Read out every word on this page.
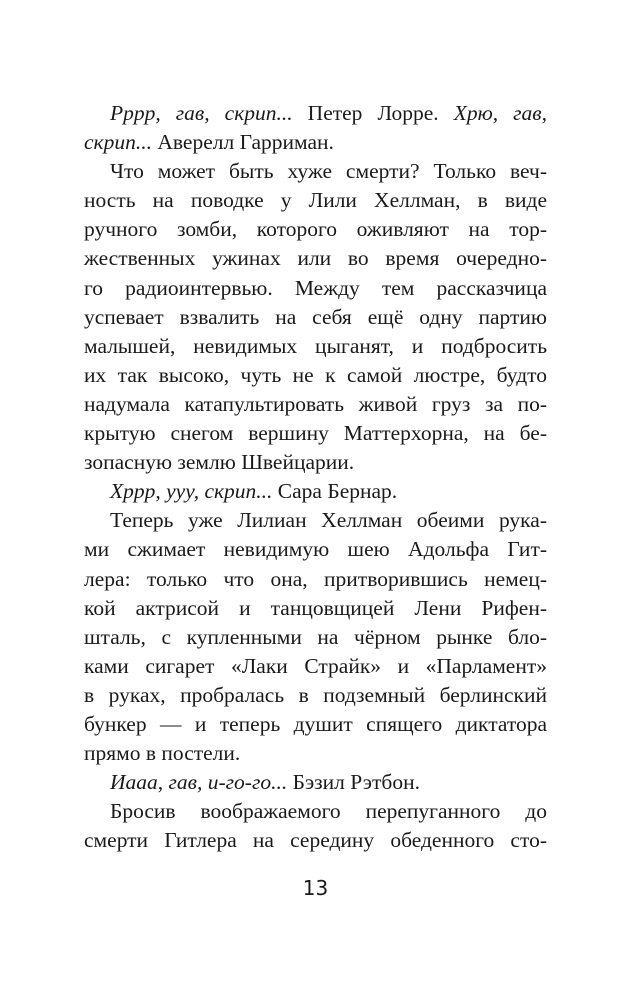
Рррр, гав, скрип... Петер Лорре. Хрю, гав,
скрип... Аверелл Гарриман.
Что может быть хуже смерти? Только веч-
ность на поводке у Лили Хеллман, в виде
ручного зомби, которого оживляют на тор-
жественных ужинах или во время очередно-
го радиоинтервью. Между тем рассказчица
успевает взвалить на себя ещё одну партию
малышей, невидимых цыганят, и подбросить
их так высоко, чуть не к самой люстре, будто
надумала катапультировать живой груз за по-
крытую снегом вершину Маттерхорна, на бе-
зопасную землю Швейцарии.
Хррр, ууу, скрип... Сара Бернар.
Теперь уже Лилиан Хеллман обеими рука-
ми сжимает невидимую шею Адольфа Гит-
лера: только что она, притворившись немец-
кой актрисой и танцовщицей Лени Рифен-
шталь, с купленными на чёрном рынке бло-
ками сигарет «Лаки Страйк» и «Парламент»
в руках, пробралась в подземный берлинский
бункер — и теперь душит спящего диктатора
прямо в постели.
Иааа, гав, и-го-го... Бэзил Рэтбон.
Бросив воображаемого перепуганного до
смерти Гитлера на середину обеденного сто-
13
